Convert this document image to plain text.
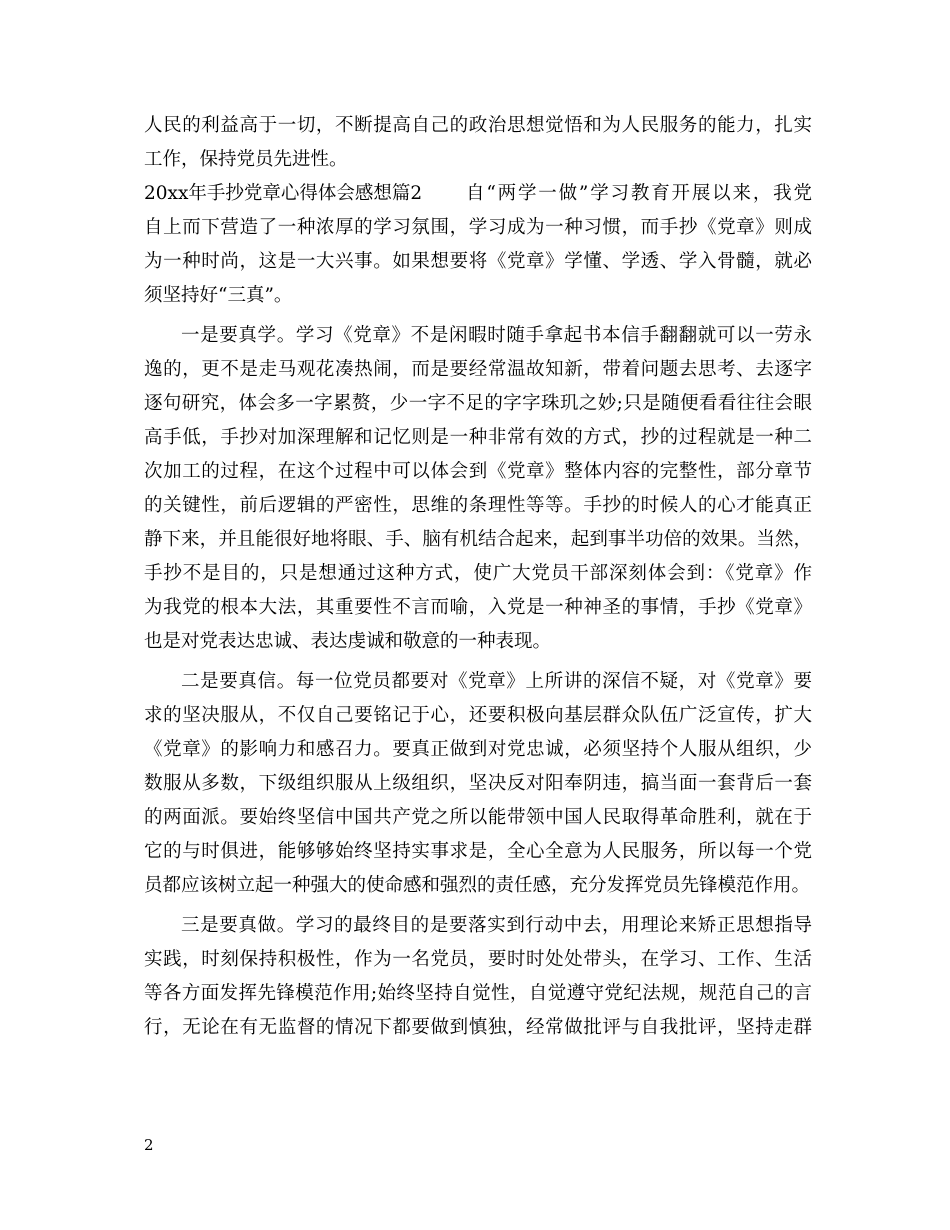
人民的利益高于一切，不断提高自己的政治思想觉悟和为人民服务的能力，扎实
工作，保持党员先进性。
20xx年手抄党章心得体会感想篇2	自“两学一做”学习教育开展以来，我党
自上而下营造了一种浓厚的学习氛围，学习成为一种习惯，而手抄《党章》则成
为一种时尚，这是一大兴事。如果想要将《党章》学懂、学透、学入骨髓，就必
须坚持好“三真”。
一是要真学。学习《党章》不是闲暇时随手拿起书本信手翻翻就可以一劳永
逸的，更不是走马观花凑热闹，而是要经常温故知新，带着问题去思考、去逐字
逐句研究，体会多一字累赘，少一字不足的字字珠玑之妙;只是随便看看往往会眼
高手低，手抄对加深理解和记忆则是一种非常有效的方式，抄的过程就是一种二
次加工的过程，在这个过程中可以体会到《党章》整体内容的完整性，部分章节
的关键性，前后逻辑的严密性，思维的条理性等等。手抄的时候人的心才能真正
静下来，并且能很好地将眼、手、脑有机结合起来，起到事半功倍的效果。当然，
手抄不是目的，只是想通过这种方式，使广大党员干部深刻体会到：《党章》作
为我党的根本大法，其重要性不言而喻，入党是一种神圣的事情，手抄《党章》
也是对党表达忠诚、表达虔诚和敬意的一种表现。
二是要真信。每一位党员都要对《党章》上所讲的深信不疑，对《党章》要
求的坚决服从，不仅自己要铭记于心，还要积极向基层群众队伍广泛宣传，扩大
《党章》的影响力和感召力。要真正做到对党忠诚，必须坚持个人服从组织，少
数服从多数，下级组织服从上级组织，坚决反对阳奉阴违，搞当面一套背后一套
的两面派。要始终坚信中国共产党之所以能带领中国人民取得革命胜利，就在于
它的与时俱进，能够够始终坚持实事求是，全心全意为人民服务，所以每一个党
员都应该树立起一种强大的使命感和强烈的责任感，充分发挥党员先锋模范作用。
三是要真做。学习的最终目的是要落实到行动中去，用理论来矫正思想指导
实践，时刻保持积极性，作为一名党员，要时时处处带头，在学习、工作、生活
等各方面发挥先锋模范作用;始终坚持自觉性，自觉遵守党纪法规，规范自己的言
行，无论在有无监督的情况下都要做到慎独，经常做批评与自我批评，坚持走群
2
